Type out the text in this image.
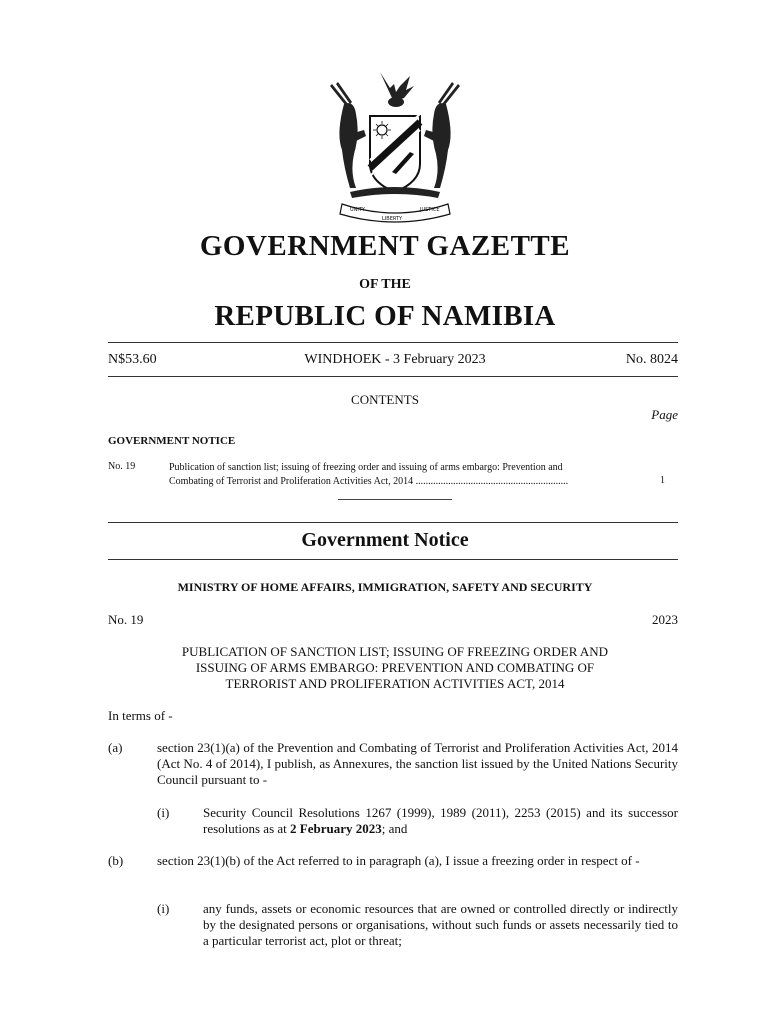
UNITY
LIBERTY
JUSTICE
GOVERNMENT GAZETTE
OF THE
REPUBLIC OF NAMIBIA
N$53.60	WINDHOEK - 3 February 2023	No. 8024
CONTENTS
Page
GOVERNMENT NOTICE
No. 19	Publication of sanction list; issuing of freezing order and issuing of arms embargo: Prevention and
Combating of Terrorist and Proliferation Activities Act, 2014 .............................................................	1
Government Notice
MINISTRY OF HOME AFFAIRS, IMMIGRATION, SAFETY AND SECURITY
No. 19	2023
PUBLICATION OF SANCTION LIST; ISSUING OF FREEZING ORDER AND
ISSUING OF ARMS EMBARGO: PREVENTION AND COMBATING OF
TERRORIST AND PROLIFERATION ACTIVITIES ACT, 2014
In terms of -
(a)	section 23(1)(a) of the Prevention and Combating of Terrorist and Proliferation Activities Act, 2014 (Act No. 4 of 2014), I publish, as Annexures, the sanction list issued by the United Nations Security Council pursuant to -
(i)	Security Council Resolutions 1267 (1999), 1989 (2011), 2253 (2015) and its successor resolutions as at 2 February 2023; and
(b)	section 23(1)(b) of the Act referred to in paragraph (a), I issue a freezing order in respect of -
(i)	any funds, assets or economic resources that are owned or controlled directly or indirectly by the designated persons or organisations, without such funds or assets necessarily tied to a particular terrorist act, plot or threat;
